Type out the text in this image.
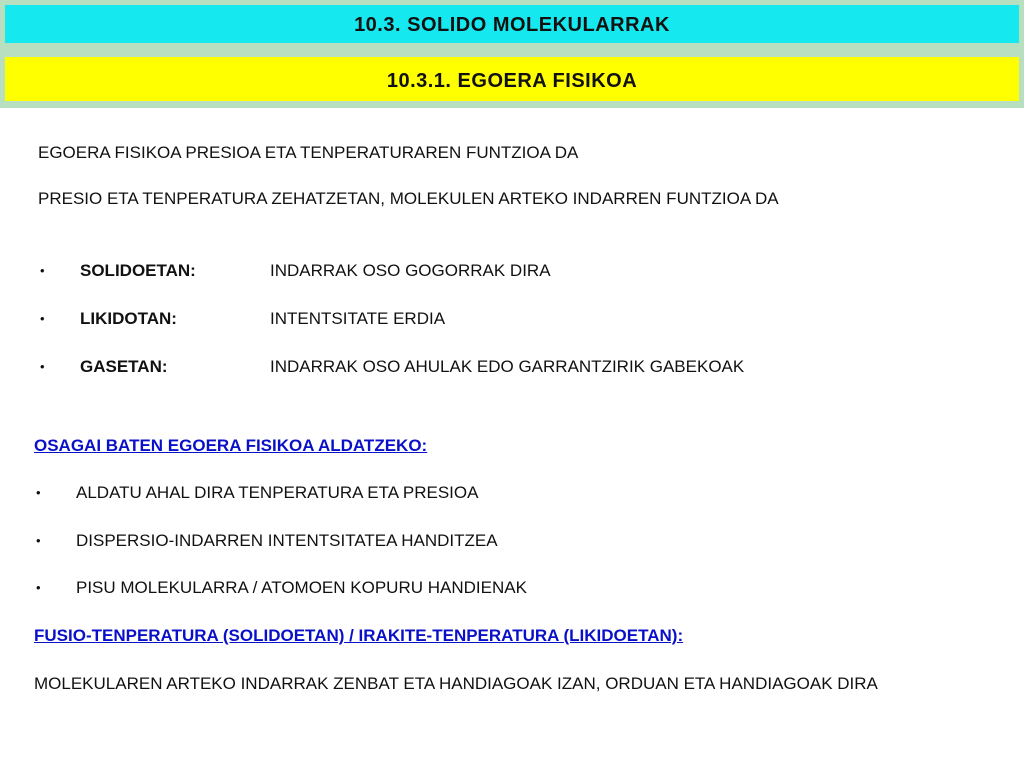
10.3. SOLIDO MOLEKULARRAK
10.3.1. EGOERA FISIKOA
EGOERA FISIKOA PRESIOA ETA TENPERATURAREN FUNTZIOA DA
PRESIO ETA TENPERATURA ZEHATZETAN, MOLEKULEN ARTEKO INDARREN FUNTZIOA DA
• SOLIDOETAN:	INDARRAK OSO GOGORRAK DIRA
• LIKIDOTAN:	INTENTSITATE ERDIA
• GASETAN:	INDARRAK OSO AHULAK EDO GARRANTZIRIK GABEKOAK
OSAGAI BATEN EGOERA FISIKOA ALDATZEKO:
• ALDATU AHAL DIRA TENPERATURA ETA PRESIOA
• DISPERSIO-INDARREN INTENTSITATEA HANDITZEA
• PISU MOLEKULARRA / ATOMOEN KOPURU HANDIENAK
FUSIO-TENPERATURA (SOLIDOETAN) / IRAKITE-TENPERATURA (LIKIDOETAN):
MOLEKULAREN ARTEKO INDARRAK ZENBAT ETA HANDIAGOAK IZAN, ORDUAN ETA HANDIAGOAK DIRA
